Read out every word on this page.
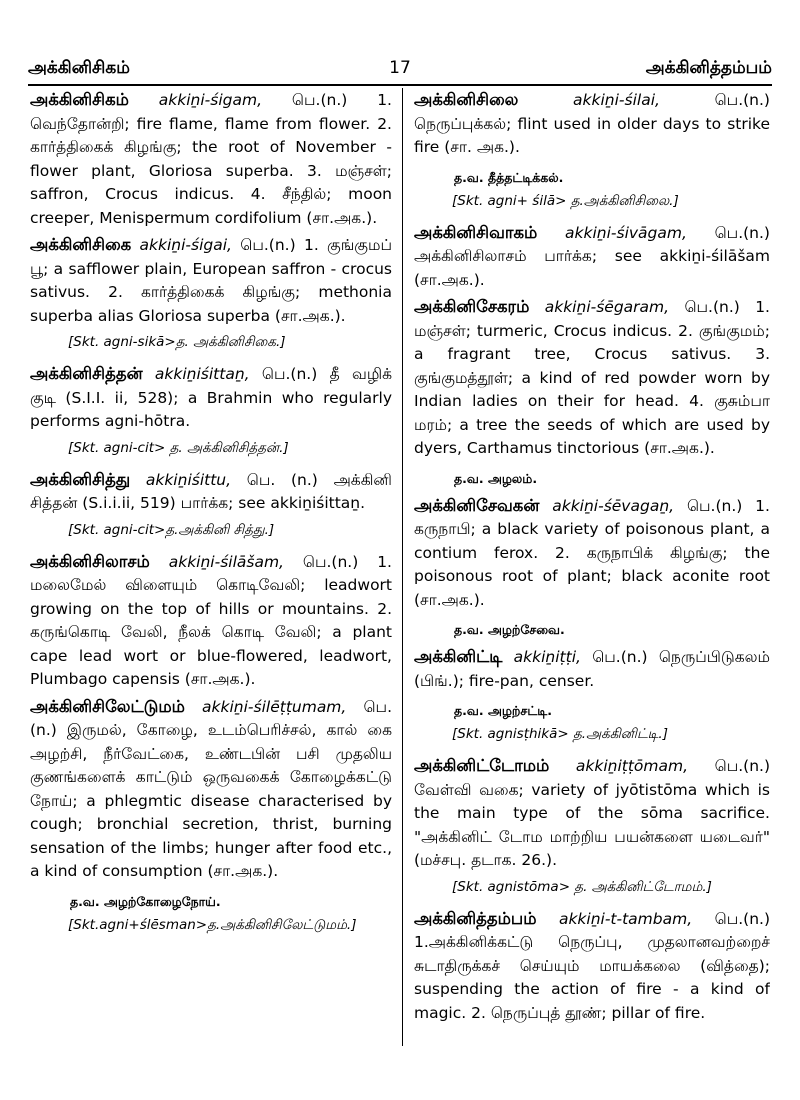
அக்கினிசிகம்	17	அக்கினித்தம்பம்
அக்கினிசிகம் akkiṉi-śigam, பெ.(n.) 1. வெந்தோன்றி; fire flame, flame from flower. 2. கார்த்திகைக் கிழங்கு; the root of November - flower plant, Gloriosa superba. 3. மஞ்சள்; saffron, Crocus indicus. 4. சீந்தில்; moon creeper, Menispermum cordifolium (சா.அக.).
அக்கினிசிகை akkiṉi-śigai, பெ.(n.) 1. குங்குமப் பூ; a safflower plain, European saffron - crocus sativus. 2. கார்த்திகைக் கிழங்கு; methonia superba alias Gloriosa superba (சா.அக.).
[Skt. agni-sikā>த. அக்கினிசிகை.]
அக்கினிசித்தன் akkiṉiśittaṉ, பெ.(n.) தீ வழிக் குடி (S.I.I. ii, 528); a Brahmin who regularly performs agni-hōtra.
[Skt. agni-cit> த. அக்கினிசித்தன்.]
அக்கினிசித்து akkiṉiśittu, பெ. (n.) அக்கினி சித்தன் (S.i.i.ii, 519) பார்க்க; see akkiṉiśittaṉ.
[Skt. agni-cit>த.அக்கினி சித்து.]
அக்கினிசிலாசம் akkiṉi-śilāšam, பெ.(n.) 1. மலைமேல் விளையும் கொடிவேலி; leadwort growing on the top of hills or mountains. 2. கருங்கொடி வேலி, நீலக் கொடி வேலி; a plant cape lead wort or blue-flowered, leadwort, Plumbago capensis (சா.அக.).
அக்கினிசிலேட்டுமம் akkiṉi-śilēṭṭumam, பெ.(n.) இருமல், கோழை, உடம்பெரிச்சல், கால் கை அழற்சி, நீர்வேட்கை, உண்டபின் பசி முதலிய குணங்களைக் காட்டும் ஒருவகைக் கோழைக்கட்டு நோய்; a phlegmtic disease characterised by cough; bronchial secretion, thrist, burning sensation of the limbs; hunger after food etc., a kind of consumption (சா.அக.).
த.வ. அழற்கோழைநோய்.
[Skt.agni+ślēsman>த.அக்கினிசிலேட்டுமம்.]
அக்கினிசிலை	akkiṉi-śilai,	பெ.(n.) நெருப்புக்கல்; flint used in older days to strike fire (சா. அக.).
த.வ. தீத்தட்டிக்கல்.
[Skt. agni+ śilā> த.அக்கினிசிலை.]
அக்கினிசிவாகம் akkiṉi-śivāgam, பெ.(n.) அக்கினிசிலாசம் பார்க்க; see akkiṉi-śilāšam (சா.அக.).
அக்கினிசேகரம் akkiṉi-śēgaram, பெ.(n.) 1. மஞ்சள்; turmeric, Crocus indicus. 2. குங்குமம்; a fragrant tree, Crocus sativus. 3. குங்குமத்தூள்; a kind of red powder worn by Indian ladies on their for head. 4. குசும்பா மரம்; a tree the seeds of which are used by dyers, Carthamus tinctorious (சா.அக.).
த.வ. அழலம்.
அக்கினிசேவகன் akkiṉi-śēvagaṉ, பெ.(n.) 1. கருநாபி; a black variety of poisonous plant, a contium ferox. 2. கருநாபிக் கிழங்கு; the poisonous root of plant; black aconite root (சா.அக.).
த.வ. அழற்சேவை.
அக்கினிட்டி akkiṉiṭṭi, பெ.(n.) நெருப்பிடுகலம் (பிங்.); fire-pan, censer.
த.வ. அழற்சட்டி.
[Skt. agnisṭhikā> த.அக்கினிட்டி.]
அக்கினிட்டோமம் akkiṉiṭṭōmam, பெ.(n.) வேள்வி வகை; variety of jyōtistōma which is the main type of the sōma sacrifice. "அக்கினிட் டோம மாற்றிய பயன்களை யடைவர்" (மச்சபு. தடாக. 26.).
[Skt. agnistōma> த. அக்கினிட்டோமம்.]
அக்கினித்தம்பம் akkiṉi-t-tambam, பெ.(n.) 1.அக்கினிக்கட்டு நெருப்பு, முதலானவற்றைச் சுடாதிருக்கச் செய்யும் மாயக்கலை (வித்தை); suspending the action of fire - a kind of magic. 2. நெருப்புத் தூண்; pillar of fire.
